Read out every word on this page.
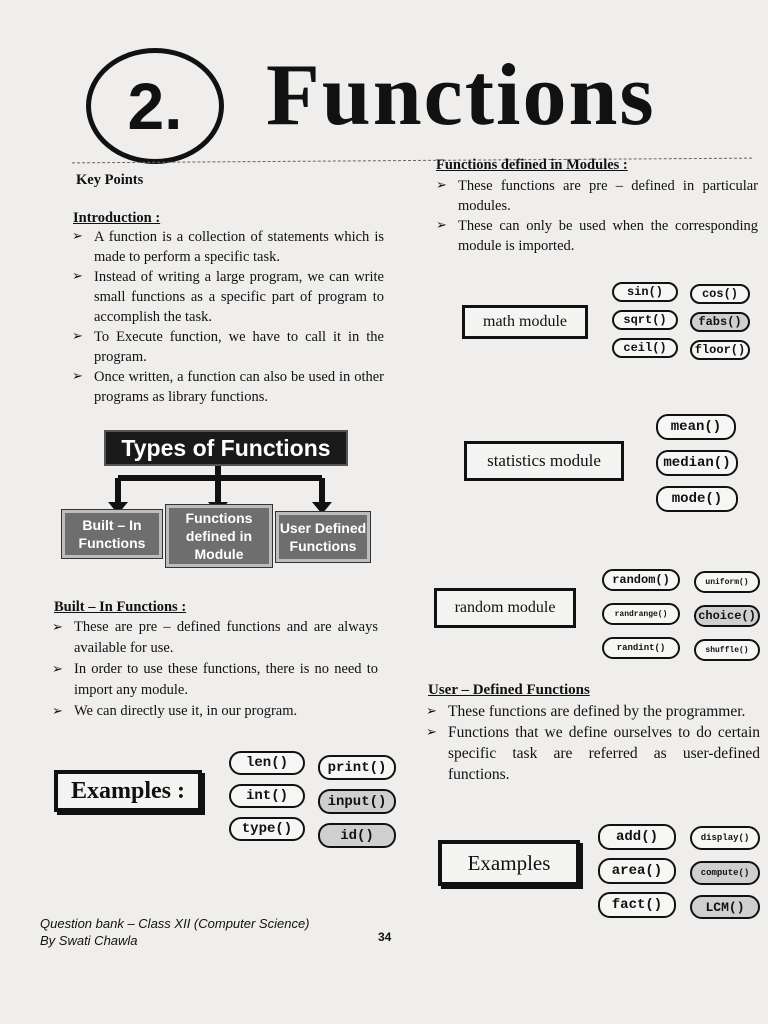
2. Functions
Key Points
Introduction :
➢ A function is a collection of statements which is made to perform a specific task.
➢ Instead of writing a large program, we can write small functions as a specific part of program to accomplish the task.
➢ To Execute function, we have to call it in the program.
➢ Once written, a function can also be used in other programs as library functions.
Types of Functions
Built – In
Functions
Functions
defined in
Module
User Defined
Functions
Built – In Functions :
➢ These are pre – defined functions and are always available for use.
➢ In order to use these functions, there is no need to import any module.
➢ We can directly use it, in our program.
Examples :
len()	print()
int()	input()
type()	id()
Functions defined in Modules :
➢ These functions are pre – defined in particular modules.
➢ These can only be used when the corresponding module is imported.
math module
sin()	cos()
sqrt()	fabs()
ceil()	floor()
statistics module
mean()
median()
mode()
random module
random()	uniform()
randrange()	choice()
randint()	shuffle()
User – Defined Functions
➢ These functions are defined by the programmer.
➢ Functions that we define ourselves to do certain specific task are referred as user-defined functions.
Examples
add()	display()
area()	compute()
fact()	LCM()
Question bank – Class XII (Computer Science)
By Swati Chawla	34
